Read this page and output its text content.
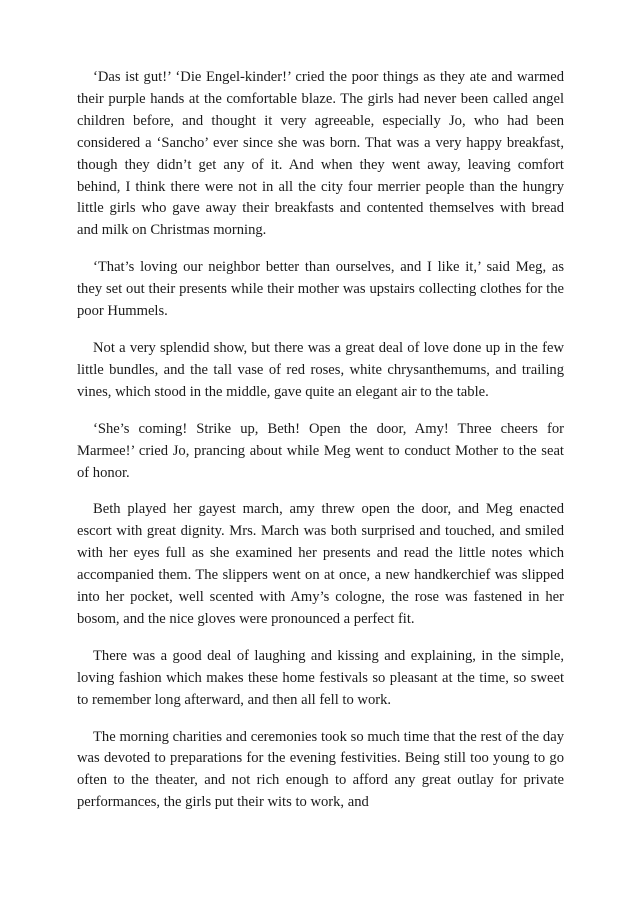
‘Das ist gut!’ ‘Die Engel-kinder!’ cried the poor things as they ate and warmed their purple hands at the comfortable blaze. The girls had never been called angel children before, and thought it very agreeable, especially Jo, who had been considered a ‘Sancho’ ever since she was born. That was a very happy breakfast, though they didn’t get any of it. And when they went away, leaving comfort behind, I think there were not in all the city four merrier people than the hungry little girls who gave away their breakfasts and contented themselves with bread and milk on Christmas morning.

‘That’s loving our neighbor better than ourselves, and I like it,’ said Meg, as they set out their presents while their mother was upstairs collecting clothes for the poor Hummels.

Not a very splendid show, but there was a great deal of love done up in the few little bundles, and the tall vase of red roses, white chrysanthemums, and trailing vines, which stood in the middle, gave quite an elegant air to the table.

‘She’s coming! Strike up, Beth! Open the door, Amy! Three cheers for Marmee!’ cried Jo, prancing about while Meg went to conduct Mother to the seat of honor.

Beth played her gayest march, amy threw open the door, and Meg enacted escort with great dignity. Mrs. March was both surprised and touched, and smiled with her eyes full as she examined her presents and read the little notes which accompanied them. The slippers went on at once, a new handkerchief was slipped into her pocket, well scented with Amy’s cologne, the rose was fastened in her bosom, and the nice gloves were pronounced a perfect fit.

There was a good deal of laughing and kissing and explaining, in the simple, loving fashion which makes these home festivals so pleasant at the time, so sweet to remember long afterward, and then all fell to work.

The morning charities and ceremonies took so much time that the rest of the day was devoted to preparations for the evening festivities. Being still too young to go often to the theater, and not rich enough to afford any great outlay for private performances, the girls put their wits to work, and
